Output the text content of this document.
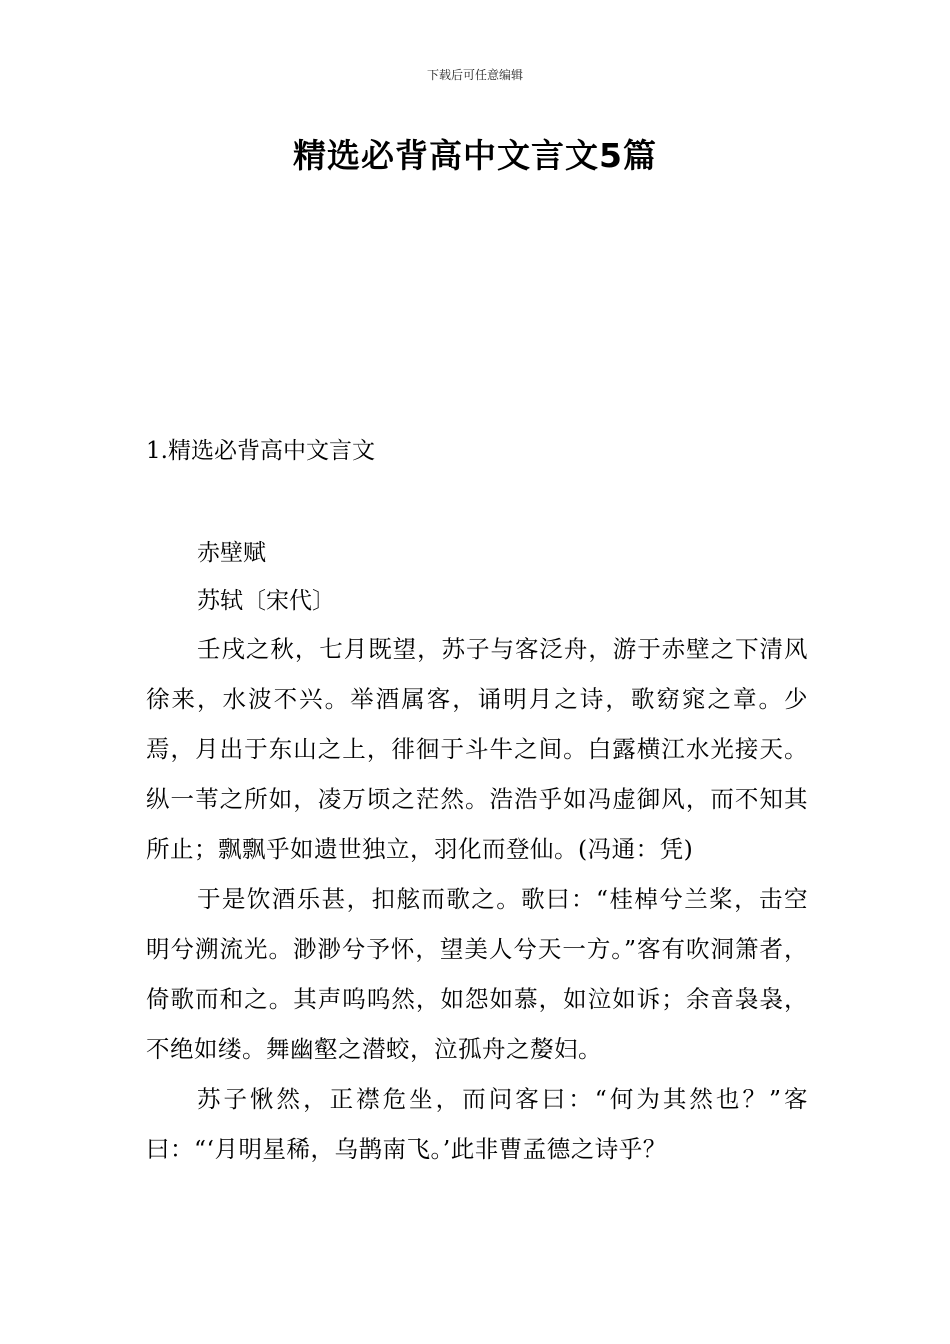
下载后可任意编辑
精选必背高中文言文5篇
1.精选必背高中文言文
赤壁赋
苏轼〔宋代〕

壬戌之秋，七月既望，苏子与客泛舟，游于赤壁之下清风徐来，水波不兴。举酒属客，诵明月之诗，歌窈窕之章。少焉，月出于东山之上，徘徊于斗牛之间。白露横江水光接天。纵一苇之所如，凌万顷之茫然。浩浩乎如冯虚御风，而不知其所止；飘飘乎如遗世独立，羽化而登仙。(冯通：凭)

于是饮酒乐甚，扣舷而歌之。歌曰：“桂棹兮兰桨，击空明兮溯流光。渺渺兮予怀，望美人兮天一方。”客有吹洞箫者，倚歌而和之。其声呜呜然，如怨如慕，如泣如诉；余音袅袅，不绝如缕。舞幽壑之潜蛟，泣孤舟之嫠妇。

苏子愀然，正襟危坐，而问客曰：“何为其然也？”客曰：“‘月明星稀，乌鹊南飞。’此非曹孟德之诗乎？
